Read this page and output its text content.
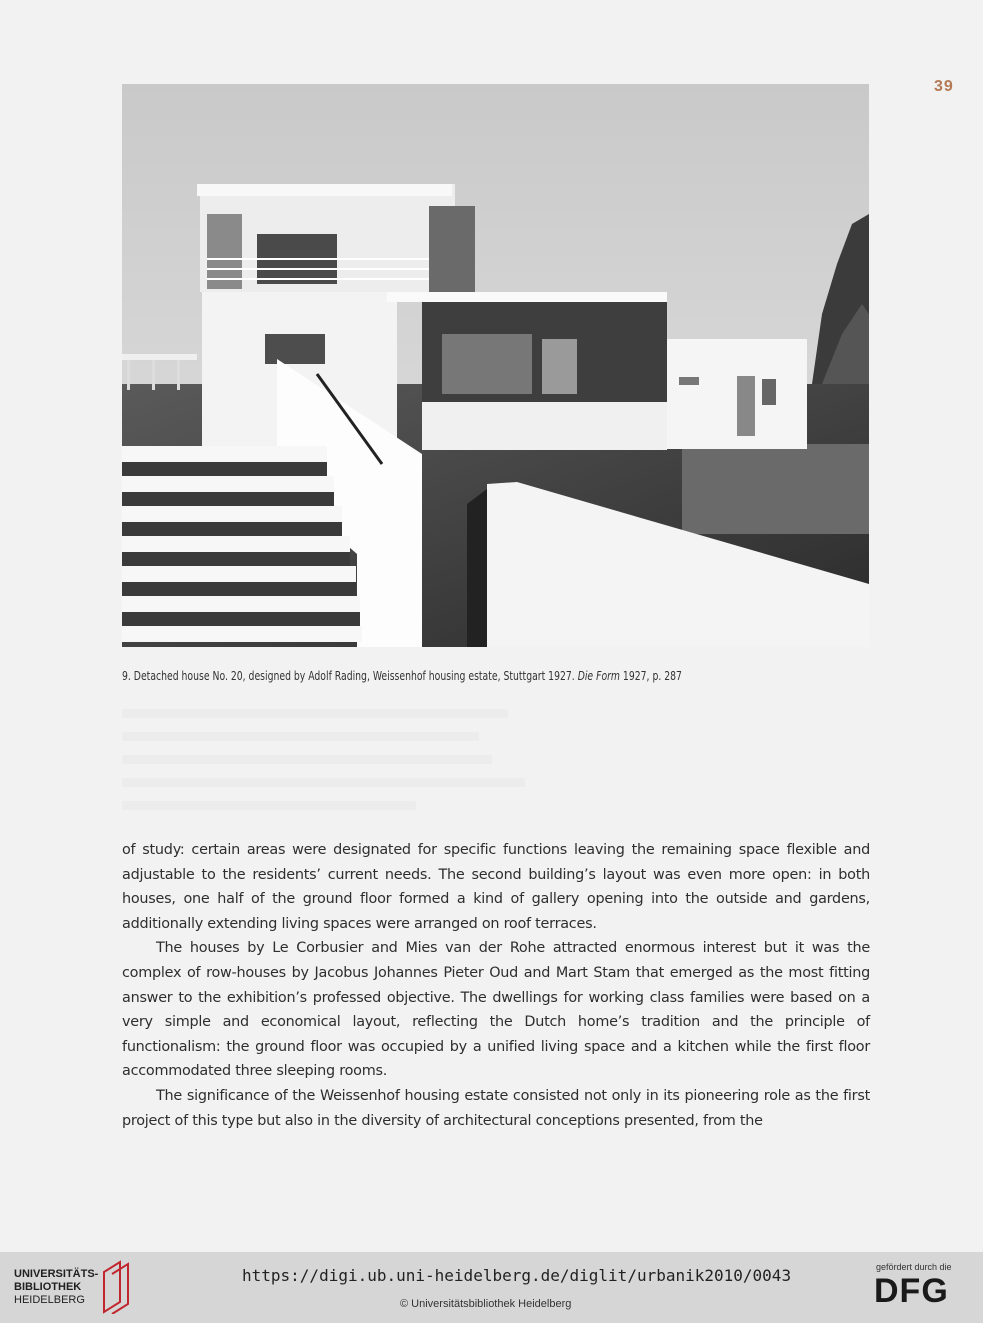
39
9. Detached house No. 20, designed by Adolf Rading, Weissenhof housing estate, Stuttgart 1927. Die Form 1927, p. 287

of study: certain areas were designated for specific functions leaving the remaining space flexible and adjustable to the residents’ current needs. The second building’s layout was even more open: in both houses, one half of the ground floor formed a kind of gallery opening into the outside and gardens, additionally extending living spaces were arranged on roof terraces.

The houses by Le Corbusier and Mies van der Rohe attracted enormous interest but it was the complex of row-houses by Jacobus Johannes Pieter Oud and Mart Stam that emerged as the most fitting answer to the exhibition’s professed objective. The dwellings for working class families were based on a very simple and economical layout, reflecting the Dutch home’s tradition and the principle of functionalism: the ground floor was occupied by a unified living space and a kitchen while the first floor accommodated three sleeping rooms.

The significance of the Weissenhof housing estate consisted not only in its pioneering role as the first project of this type but also in the diversity of architectural conceptions presented, from the

UNIVERSITÄTS-
BIBLIOTHEK
HEIDELBERG
https://digi.ub.uni-heidelberg.de/diglit/urbanik2010/0043
© Universitätsbibliothek Heidelberg
gefördert durch die
DFG
